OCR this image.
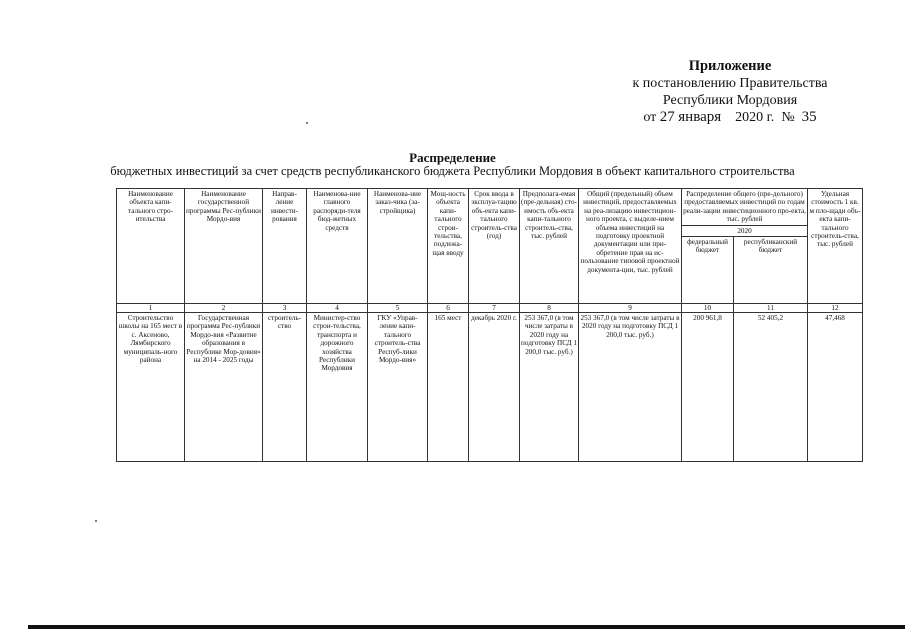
Приложение
к постановлению Правительства
Республики Мордовия
от 27 января 2020 г. № 35
Распределение
бюджетных инвестиций за счет средств республиканского бюджета Республики Мордовия в объект капитального строительства
Наименование объекта капи-тального стро-ительства	Наименование государственной программы Рес-публики Мордо-вия	Направ-ление инвести-рования	Наименова-ние главного распоряди-теля бюд-жетных средств	Наименова-ние заказ-чика (за-стройщика)	Мощ-ность объекта капи-тального строи-тельства, подлежа-щая вводу	Срок ввода в эксплуа-тацию объ-екта капи-тального строитель-ства (год)	Предполага-емая (пре-дельная) сто-имость объ-екта капи-тального строитель-ства, тыс. рублей	Общий (предельный) объем инвестиций, предоставляемых на реа-лизацию инвестицион-ного проекта, с выделе-нием объема инвестиций на подготовку проектной документации или при-обретение прав на ис-пользование типовой проектной документа-ции, тыс. рублей	Распределение общего (пре-дельного) предоставляемых инвестиций по годам реали-зации инвестиционного про-екта, тыс. рублей		Удельная стоимость 1 кв. м пло-щади объ-екта капи-тального строитель-ства, тыс. рублей
									2020		
									федеральный бюджет	республиканский бюджет	
1	2	3	4	5	6	7	8	9	10	11	12
Строительство школы на 165 мест в с. Аксеново, Лямбирского муниципаль-ного района	Государственная программа Рес-публики Мордо-вия «Развитие образования в Республике Мор-довия» на 2014 - 2025 годы	строитель-ство	Министер-ство строи-тельства, транспорта и дорожного хозяйства Республики Мордовия	ГКУ «Управ-ление капи-тального строитель-ства Респуб-лики Мордо-вия»	165 мест	декабрь 2020 г.	253 367,0 (в том числе затраты в 2020 году на подготовку ПСД 1 200,0 тыс. руб.)	253 367,0 (в том числе затраты в 2020 году на подготовку ПСД 1 200,0 тыс. руб.)	200 961,8	52 405,2	47,468
